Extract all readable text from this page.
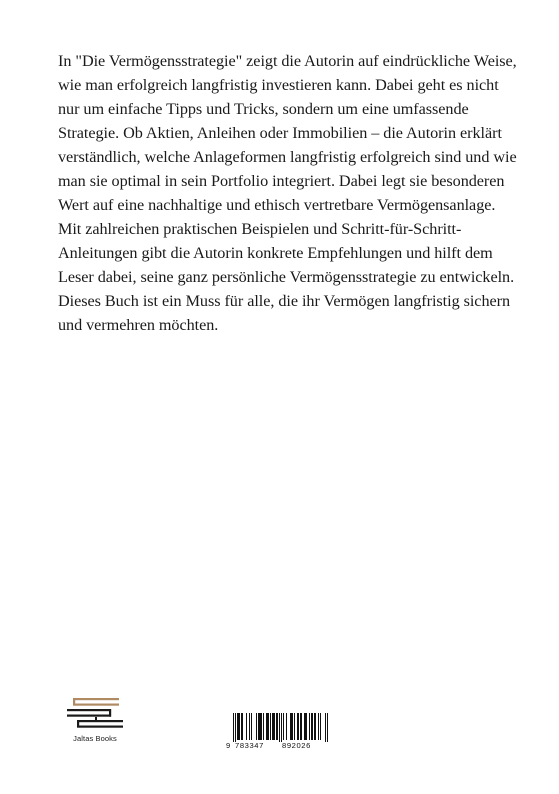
In "Die Vermögensstrategie" zeigt die Autorin auf eindrückliche Weise, wie man erfolgreich langfristig investieren kann. Dabei geht es nicht nur um einfache Tipps und Tricks, sondern um eine umfassende Strategie. Ob Aktien, Anleihen oder Immobilien – die Autorin erklärt verständlich, welche Anlageformen langfristig erfolgreich sind und wie man sie optimal in sein Portfolio integriert. Dabei legt sie besonderen Wert auf eine nachhaltige und ethisch vertretbare Vermögensanlage. Mit zahlreichen praktischen Beispielen und Schritt-für-Schritt-Anleitungen gibt die Autorin konkrete Empfehlungen und hilft dem Leser dabei, seine ganz persönliche Vermögensstrategie zu entwickeln. Dieses Buch ist ein Muss für alle, die ihr Vermögen langfristig sichern und vermehren möchten.

Jaltas Books
9 783347 892026
